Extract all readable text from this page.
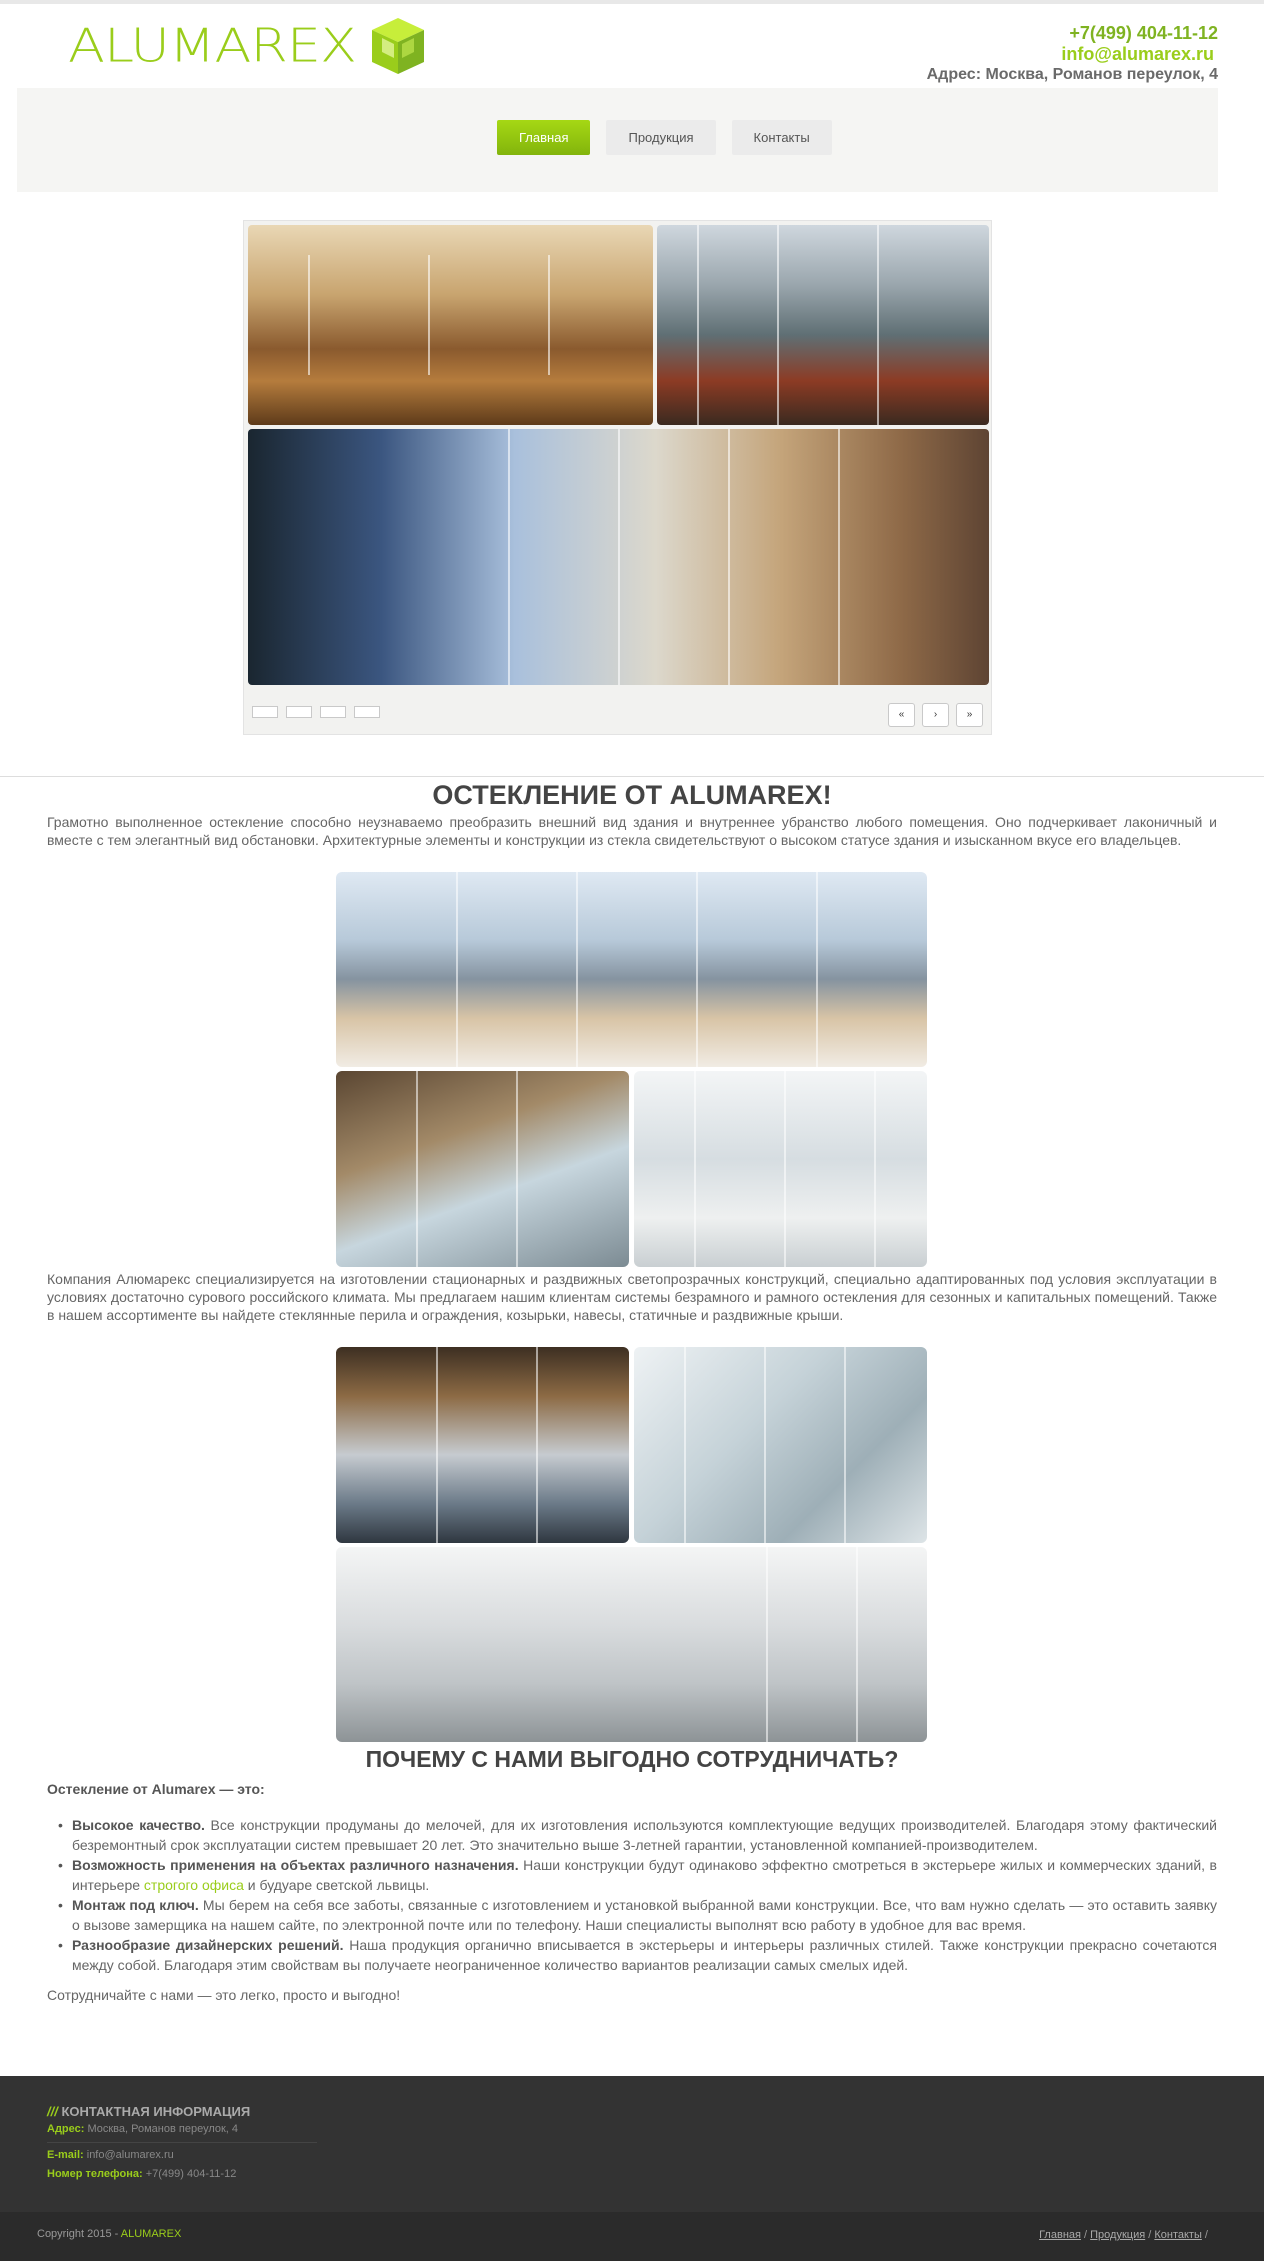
ALUMAREX	+7(499) 404-11-12
info@alumarex.ru
Адрес: Москва, Романов переулок, 4
Главная	Продукция	Контакты
«	›	»
ОСТЕКЛЕНИЕ ОТ ALUMAREX!
Грамотно выполненное остекление способно неузнаваемо преобразить внешний вид здания и внутреннее убранство любого помещения. Оно подчеркивает лаконичный и вместе с тем элегантный вид обстановки. Архитектурные элементы и конструкции из стекла свидетельствуют о высоком статусе здания и изысканном вкусе его владельцев.
Компания Алюмарекс специализируется на изготовлении стационарных и раздвижных светопрозрачных конструкций, специально адаптированных под условия эксплуатации в условиях достаточно сурового российского климата. Мы предлагаем нашим клиентам системы безрамного и рамного остекления для сезонных и капитальных помещений. Также в нашем ассортименте вы найдете стеклянные перила и ограждения, козырьки, навесы, статичные и раздвижные крыши.
ПОЧЕМУ С НАМИ ВЫГОДНО СОТРУДНИЧАТЬ?
Остекление от Alumarex — это:
• Высокое качество. Все конструкции продуманы до мелочей, для их изготовления используются комплектующие ведущих производителей. Благодаря этому фактический безремонтный срок эксплуатации систем превышает 20 лет. Это значительно выше 3-летней гарантии, установленной компанией-производителем.
• Возможность применения на объектах различного назначения. Наши конструкции будут одинаково эффектно смотреться в экстерьере жилых и коммерческих зданий, в интерьере строгого офиса и будуаре светской львицы.
• Монтаж под ключ. Мы берем на себя все заботы, связанные с изготовлением и установкой выбранной вами конструкции. Все, что вам нужно сделать — это оставить заявку о вызове замерщика на нашем сайте, по электронной почте или по телефону. Наши специалисты выполнят всю работу в удобное для вас время.
• Разнообразие дизайнерских решений. Наша продукция органично вписывается в экстерьеры и интерьеры различных стилей. Также конструкции прекрасно сочетаются между собой. Благодаря этим свойствам вы получаете неограниченное количество вариантов реализации самых смелых идей.
Сотрудничайте с нами — это легко, просто и выгодно!
/// КОНТАКТНАЯ ИНФОРМАЦИЯ
Адрес: Москва, Романов переулок, 4
E-mail: info@alumarex.ru
Номер телефона: +7(499) 404-11-12
Copyright 2015 - ALUMAREX	Главная / Продукция / Контакты /
